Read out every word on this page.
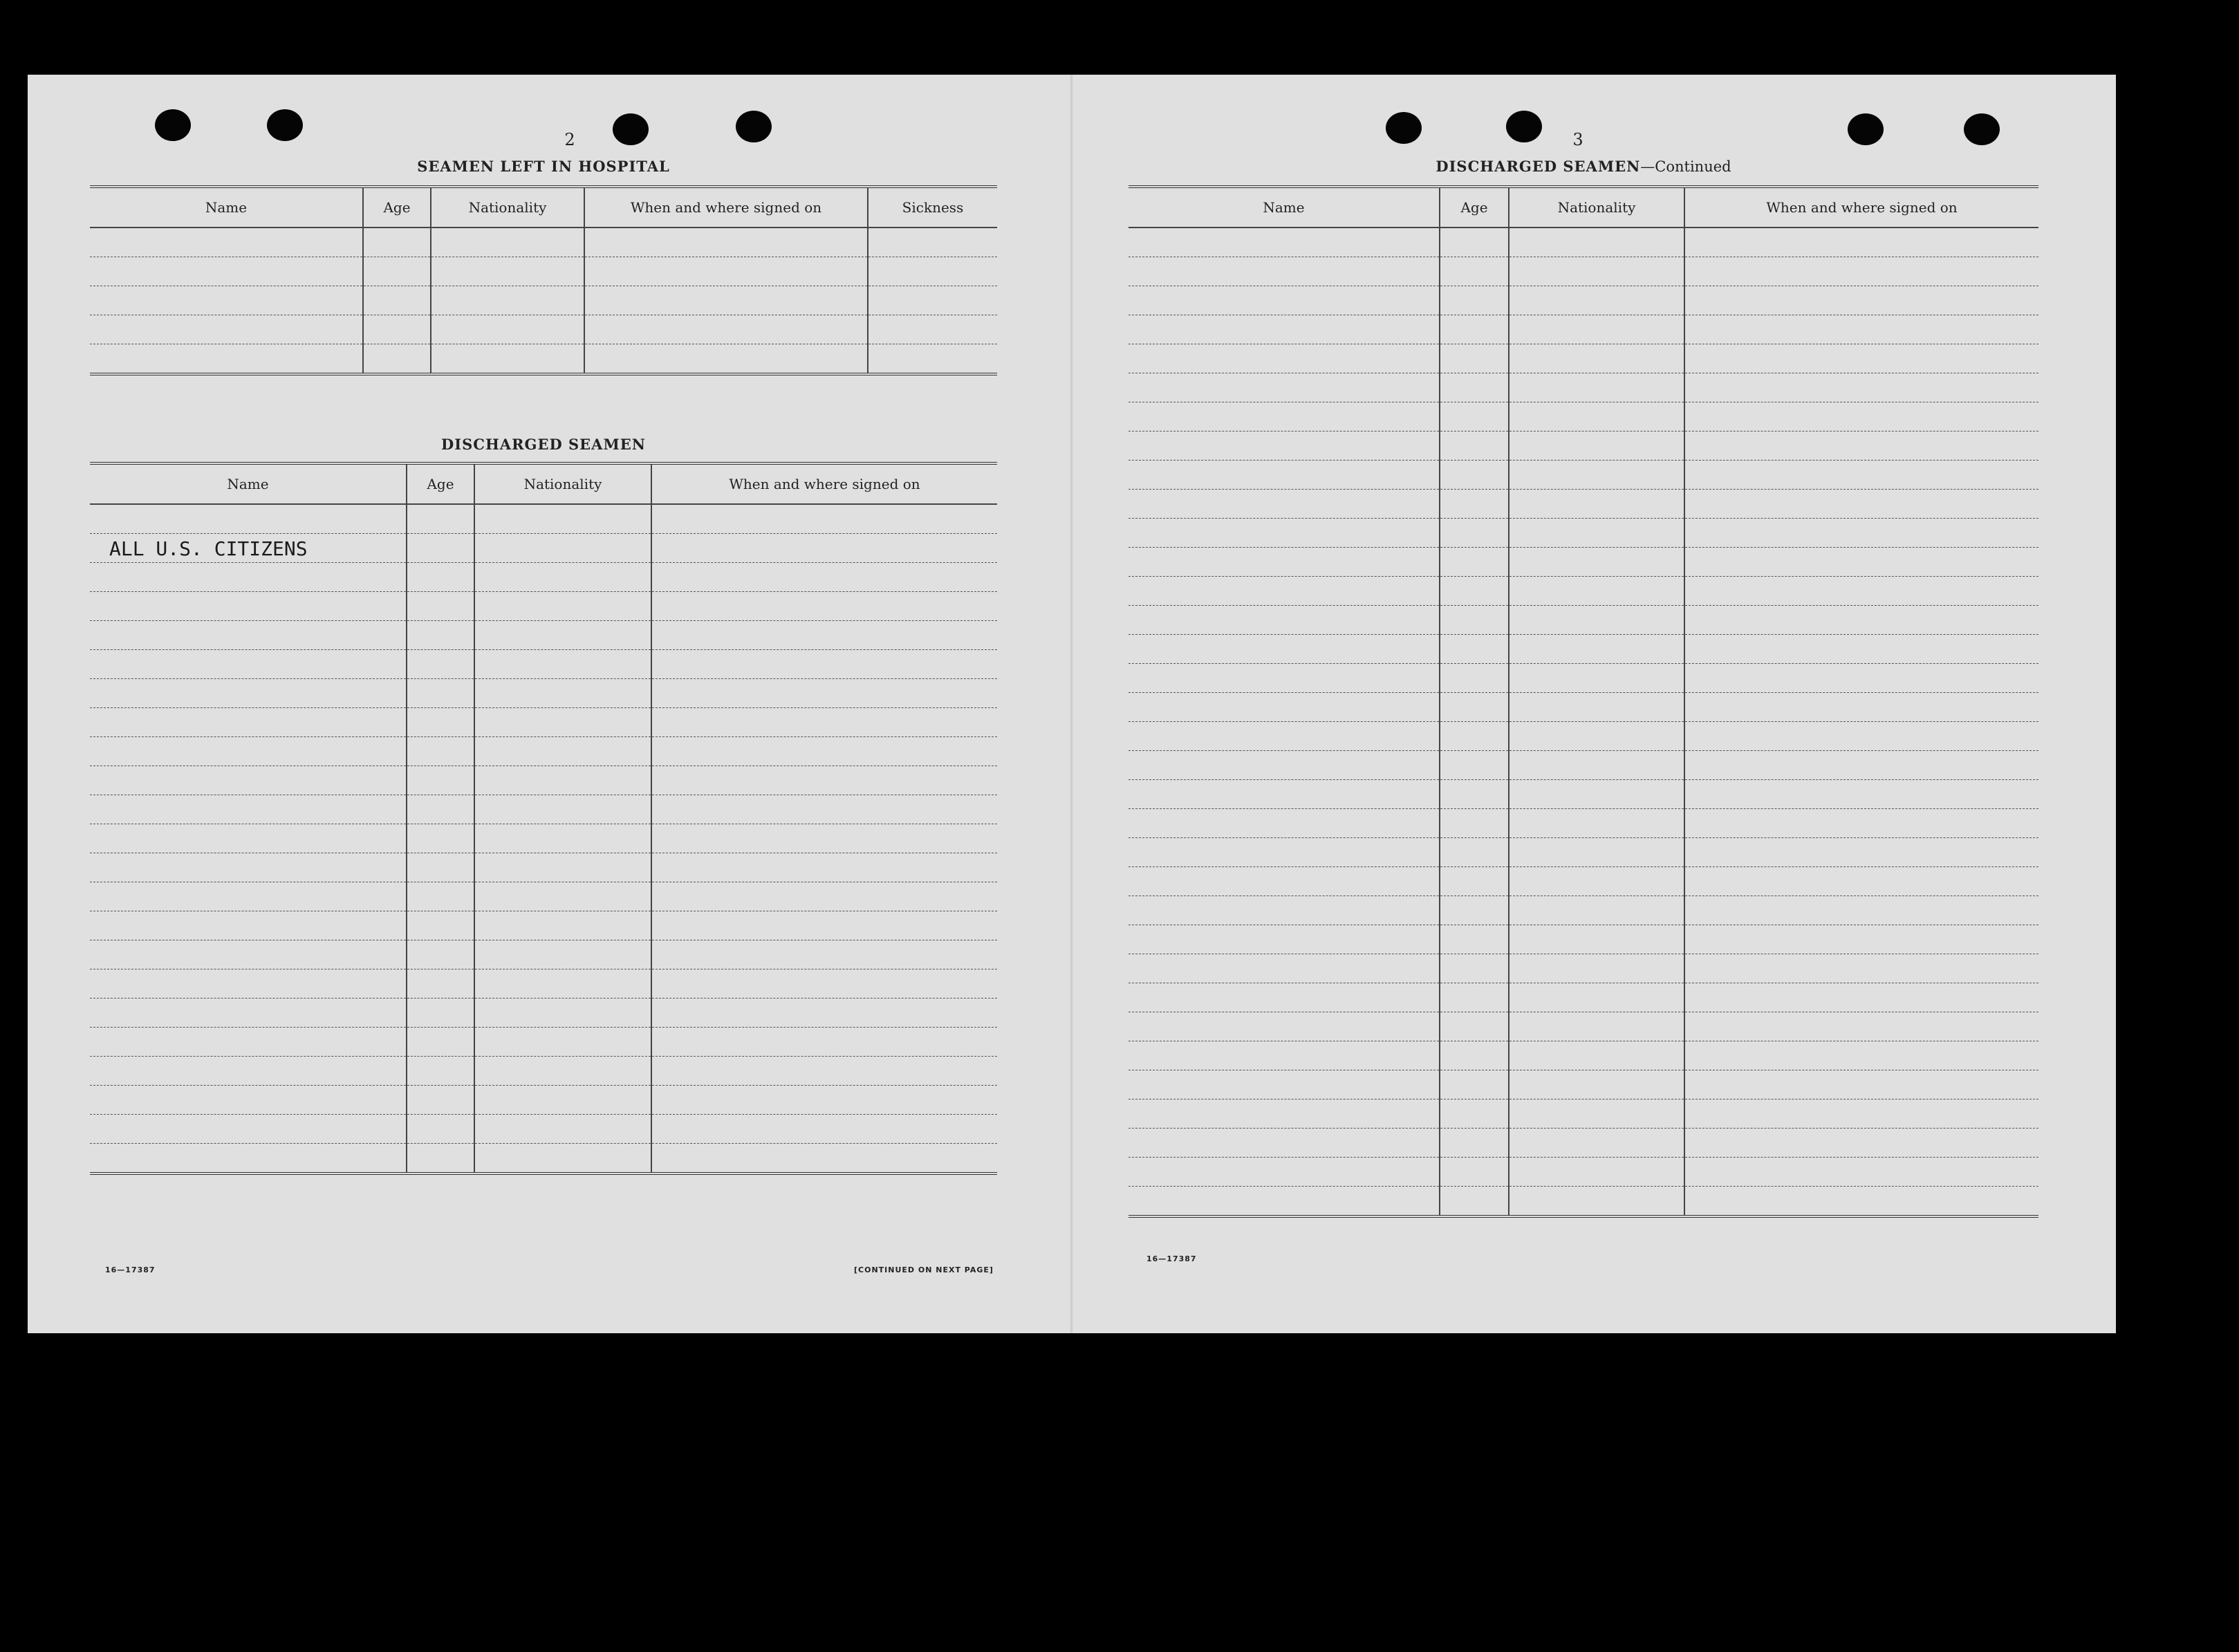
2
SEAMEN LEFT IN HOSPITAL
Name	Age	Nationality	When and where signed on	Sickness

DISCHARGED SEAMEN
Name	Age	Nationality	When and where signed on

ALL U.S. CITIZENS			

16—17387	[CONTINUED ON NEXT PAGE]
3
DISCHARGED SEAMEN—Continued
Name	Age	Nationality	When and where signed on

16—17387
